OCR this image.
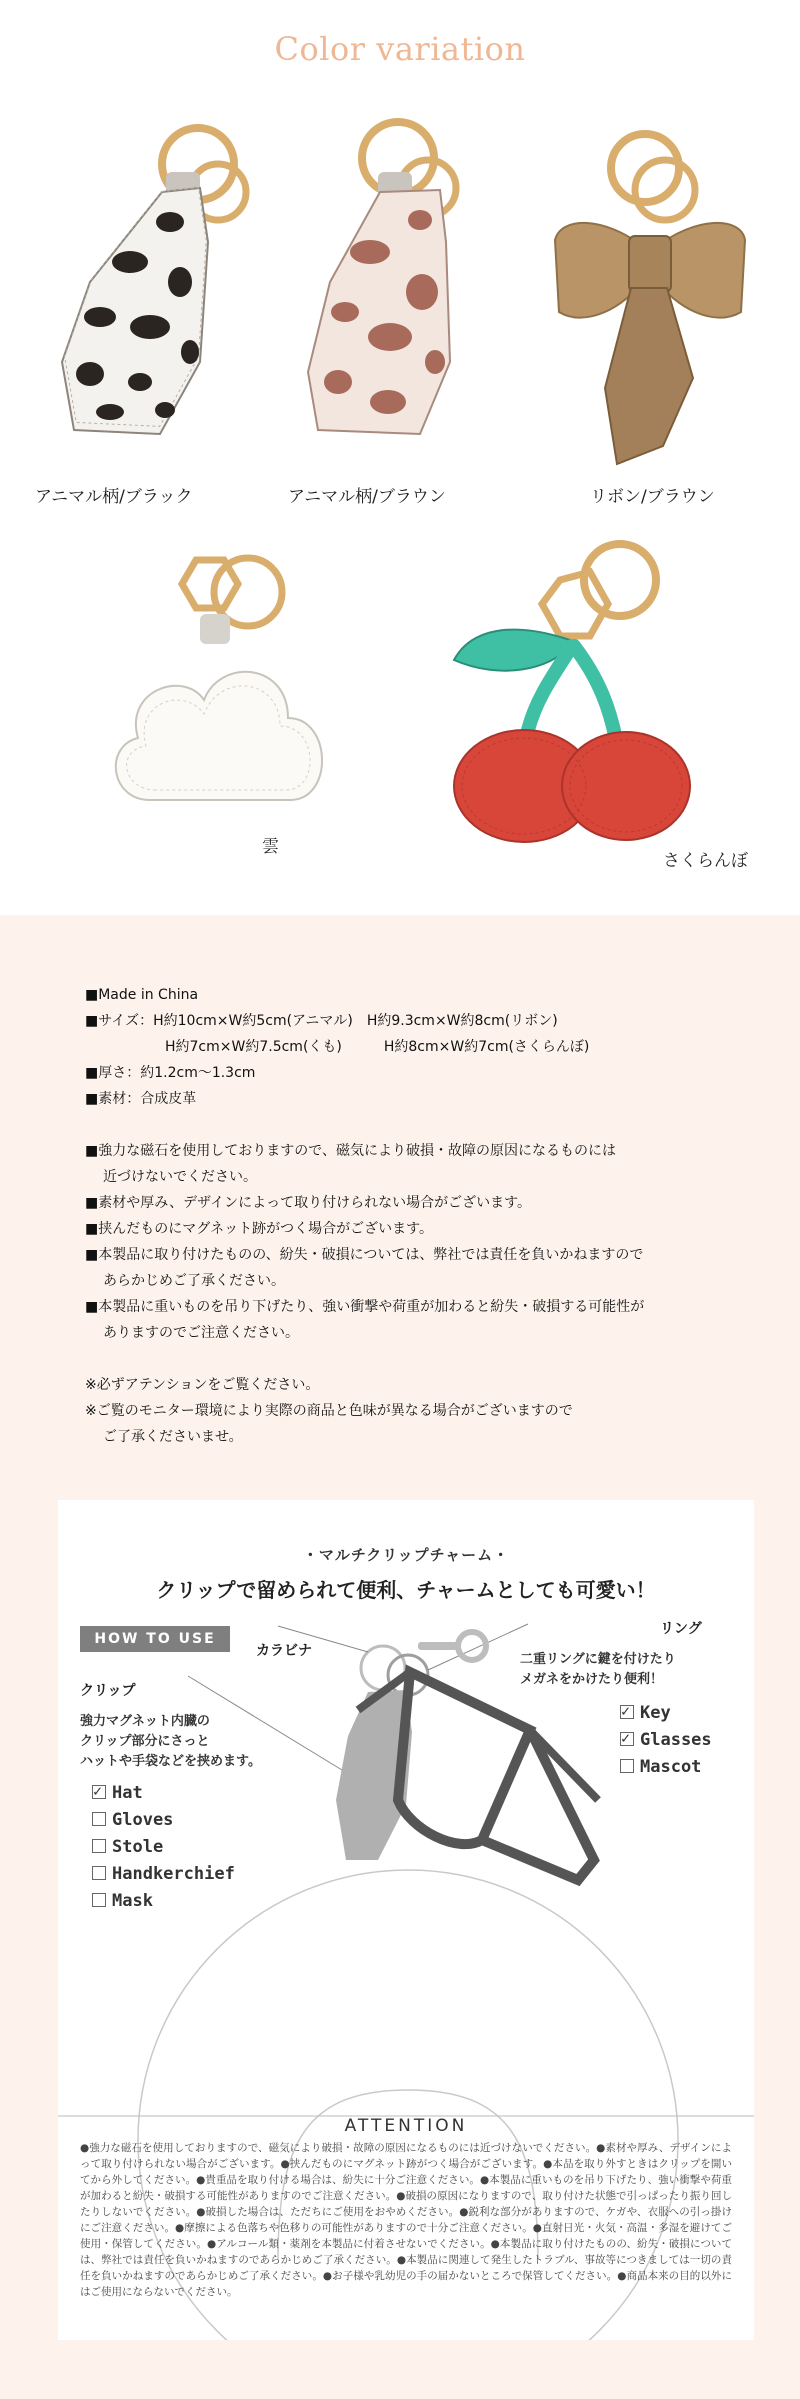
Color variation
アニマル柄/ブラック	アニマル柄/ブラウン	リボン/ブラウン
雲
さくらんぼ

■Made in China

■サイズ：H約10cm×W約5cm(アニマル)　H約9.3cm×W約8cm(リボン)

H約7cm×W約7.5cm(くも)　　　H約8cm×W約7cm(さくらんぼ)

■厚さ：約1.2cm〜1.3cm

■素材：合成皮革

■強力な磁石を使用しておりますので、磁気により破損・故障の原因になるものには

近づけないでください。

■素材や厚み、デザインによって取り付けられない場合がございます。

■挟んだものにマグネット跡がつく場合がございます。

■本製品に取り付けたものの、紛失・破損については、弊社では責任を負いかねますので

あらかじめご了承ください。

■本製品に重いものを吊り下げたり、強い衝撃や荷重が加わると紛失・破損する可能性が

ありますのでご注意ください。

※必ずアテンションをご覧ください。

※ご覧のモニター環境により実際の商品と色味が異なる場合がございますので

ご了承くださいませ。

・マルチクリップチャーム・
クリップで留められて便利、チャームとしても可愛い！
HOW TO USE
カラビナ
リング
二重リングに鍵を付けたり
メガネをかけたり便利！
✓Key
✓Glasses
Mascot
クリップ
強力マグネット内臓の
クリップ部分にさっと
ハットや手袋などを挟めます。
✓Hat
Gloves
Stole
Handkerchief
Mask
ATTENTION
●強力な磁石を使用しておりますので、磁気により破損・故障の原因になるものには近づけないでください。●素材や厚み、デザインによって取り付けられない場合がございます。●挟んだものにマグネット跡がつく場合がございます。●本品を取り外すときはクリップを開いてから外してください。●貴重品を取り付ける場合は、紛失に十分ご注意ください。●本製品に重いものを吊り下げたり、強い衝撃や荷重が加わると紛失・破損する可能性がありますのでご注意ください。●破損の原因になりますので、取り付けた状態で引っぱったり振り回したりしないでください。●破損した場合は、ただちにご使用をおやめください。●鋭利な部分がありますので、ケガや、衣服への引っ掛けにご注意ください。●摩擦による色落ちや色移りの可能性がありますので十分ご注意ください。●直射日光・火気・高温・多湿を避けてご使用・保管してください。●アルコール類・薬剤を本製品に付着させないでください。●本製品に取り付けたものの、紛失・破損については、弊社では責任を負いかねますのであらかじめご了承ください。●本製品に関連して発生したトラブル、事故等につきましては一切の責任を負いかねますのであらかじめご了承ください。●お子様や乳幼児の手の届かないところで保管してください。●商品本来の目的以外にはご使用にならないでください。
